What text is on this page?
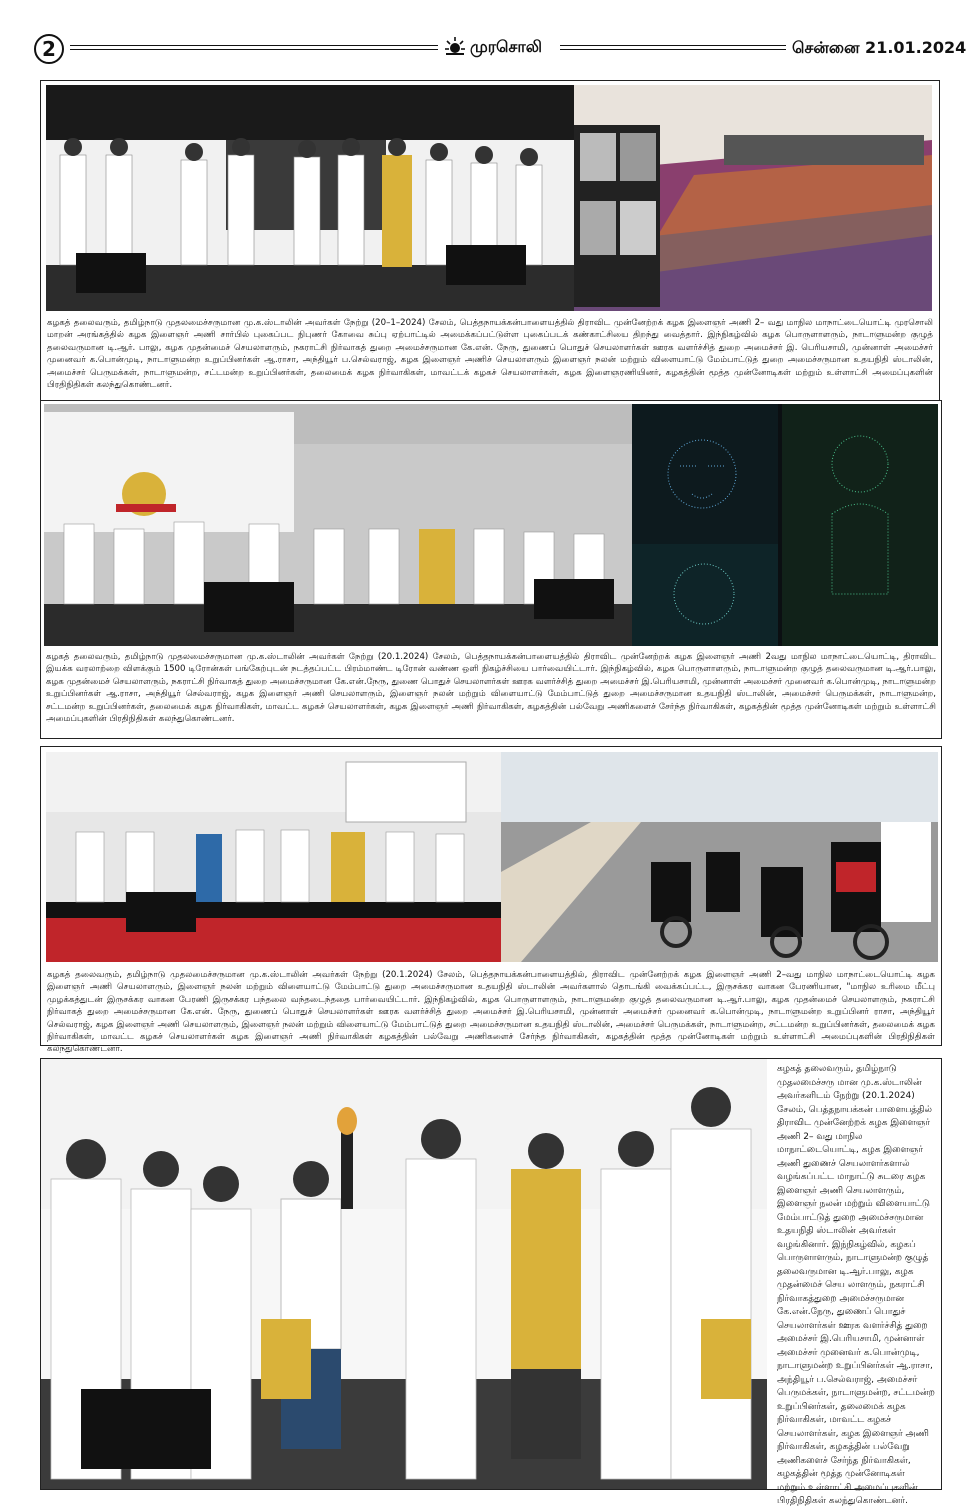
2	முரசொலி	சென்னை 21.01.2024
கழகத் தலைவரும், தமிழ்நாடு முதலமைச்சருமான மு.க.ஸ்டாலின் அவர்கள் நேற்று (20–1–2024) சேலம், பெத்தநாயக்கன்பாளையத்தில் திராவிட முன்னேற்றக் கழக இளைஞர் அணி 2– வது மாநில மாநாட்டையொட்டி முரசொலி மாறன் அரங்கத்தில் கழக இளைஞர் அணி சார்பில் புகைப்பட நிபுணர் கோவை சுப்பு ஏற்பாட்டில் அமைக்கப்பட்டுள்ள புகைப்படக் கண்காட்சியை திறந்து வைத்தார். இந்நிகழ்வில் கழக பொருளாளரும், நாடாளுமன்ற குழுத் தலைவருமான டி.ஆர். பாலு, கழக முதன்மைச் செயலாளரும், நகராட்சி நிர்வாகத் துறை அமைச்சருமான கே.என். நேரு, துணைப் பொதுச் செயலாளர்கள் ஊரக வளர்ச்சித் துறை அமைச்சர் இ. பெரியசாமி, முன்னாள் அமைச்சர் முனைவர் க.பொன்முடி, நாடாளுமன்ற உறுப்பினர்கள் ஆ.ராசா, அந்தியூர் ப.செல்வராஜ், கழக இளைஞர் அணிச் செயலாளரும் இளைஞர் நலன் மற்றும் விளையாட்டு மேம்பாட்டுத் துறை அமைச்சருமான உதயநிதி ஸ்டாலின், அமைச்சர் பெருமக்கள், நாடாளுமன்ற, சட்டமன்ற உறுப்பினர்கள், தலைமைக் கழக நிர்வாகிகள், மாவட்டக் கழகச் செயலாளர்கள், கழக இளைஞரணியினர், கழகத்தின் மூத்த முன்னோடிகள் மற்றும் உள்ளாட்சி அமைப்புகளின் பிரதிநிதிகள் கலந்துகொண்டனர்.
கழகத் தலைவரும், தமிழ்நாடு முதலமைச்சருமான மு.க.ஸ்டாலின் அவர்கள் நேற்று (20.1.2024) சேலம், பெத்தநாயக்கன்பாளையத்தில் திராவிட முன்னேற்றக் கழக இளைஞர் அணி 2வது மாநில மாநாட்டையொட்டி, திராவிட இயக்க வரலாற்றை விளக்கும் 1500 டிரோன்கள் பங்கேற்புடன் நடத்தப்பட்ட பிரம்மாண்ட டிரோன் வண்ண ஒளி நிகழ்ச்சியை பார்வையிட்டார். இந்நிகழ்வில், கழக பொருளாளரும், நாடாளுமன்ற குழுத் தலைவருமான டி.ஆர்.பாலு, கழக முதன்மைச் செயலாளரும், நகராட்சி நிர்வாகத் துறை அமைச்சருமான கே.என்.நேரு, துணை பொதுச் செயலாளர்கள் ஊரக வளர்ச்சித் துறை அமைச்சர் இ.பெரியசாமி, முன்னாள் அமைச்சர் முனைவர் க.பொன்முடி, நாடாளுமன்ற உறுப்பினர்கள் ஆ.ராசா, அந்தியூர் செல்வராஜ், கழக இளைஞர் அணி செயலாளரும், இளைஞர் நலன் மற்றும் விளையாட்டு மேம்பாட்டுத் துறை அமைச்சருமான உதயநிதி ஸ்டாலின், அமைச்சர் பெருமக்கள், நாடாளுமன்ற, சட்டமன்ற உறுப்பினர்கள், தலைமைக் கழக நிர்வாகிகள், மாவட்ட கழகச் செயலாளர்கள், கழக இளைஞர் அணி நிர்வாகிகள், கழகத்தின் பல்வேறு அணிகளைச் சேர்ந்த நிர்வாகிகள், கழகத்தின் மூத்த முன்னோடிகள் மற்றும் உள்ளாட்சி அமைப்புகளின் பிரதிநிதிகள் கலந்துகொண்டனர்.
கழகத் தலைவரும், தமிழ்நாடு முதலமைச்சருமான மு.க.ஸ்டாலின் அவர்கள் நேற்று (20.1.2024) சேலம், பெத்தநாயக்கன்பாளையத்தில், திராவிட முன்னேற்றக் கழக இளைஞர் அணி 2–வது மாநில மாநாட்டையொட்டி கழக இளைஞர் அணி செயலாளரும், இளைஞர் நலன் மற்றும் விளையாட்டு மேம்பாட்டு துறை அமைச்சருமான உதயநிதி ஸ்டாலின் அவர்களால் தொடங்கி வைக்கப்பட்ட, இருசக்கர வாகன பேரணியான, "மாநில உரிமை மீட்பு முழக்கத்துடன் இருசக்கர வாகன பேரணி இருசக்கர பந்தலை வந்தடைந்ததை பார்வையிட்டார். இந்நிகழ்வில், கழக பொருளாளரும், நாடாளுமன்ற குழுத் தலைவருமான டி.ஆர்.பாலு, கழக முதன்மைச் செயலாளரும், நகராட்சி நிர்வாகத் துறை அமைச்சருமான கே.என். நேரு, துணைப் பொதுச் செயலாளர்கள் ஊரக வளர்ச்சித் துறை அமைச்சர் இ.பெரியசாமி, முன்னாள் அமைச்சர் முனைவர் க.பொன்முடி, நாடாளுமன்ற உறுப்பினர் ராசா, அந்தியூர் செல்வராஜ், கழக இளைஞர் அணி செயலாளரும், இளைஞர் நலன் மற்றும் விளையாட்டு மேம்பாட்டுத் துறை அமைச்சருமான உதயநிதி ஸ்டாலின், அமைச்சர் பெருமக்கள், நாடாளுமன்ற, சட்டமன்ற உறுப்பினர்கள், தலைமைக் கழக நிர்வாகிகள், மாவட்ட கழகச் செயலாளர்கள் கழக இளைஞர் அணி நிர்வாகிகள் கழகத்தின் பல்வேறு அணிகளைச் சேர்ந்த நிர்வாகிகள், கழகத்தின் மூத்த முன்னோடிகள் மற்றும் உள்ளாட்சி அமைப்புகளின் பிரதிநிதிகள் கலந்துகொண்டனர்.
கழகத் தலைவரும், தமிழ்நாடு முதலமைச்சரு மான மு.க.ஸ்டாலின் அவர்களிடம் நேற்று (20.1.2024) சேலம், பெத்தநாயக்கன் பாளையத்தில் திராவிட முன்னேற்றக் கழக இளைஞர் அணி 2– வது மாநில மாநாட்டையொட்டி, கழக இளைஞர் அணி துணைச் செயலாளர்களால் வழங்கப்பட்ட மாநாட்டு சுடரை கழக இளைஞர் அணி செயலாளரும், இளைஞர் நலன் மற்றும் விளையாட்டு மேம்பாட்டுத் துறை அமைச்சருமான உதயநிதி ஸ்டாலின் அவர்கள் வழங்கினார். இந்நிகழ்வில், கழகப் பொருளாளரும், நாடாளுமன்ற குழுத் தலைவருமான டி.ஆர்.பாலு, கழக முதன்மைச் செய லாளரும், நகராட்சி நிர்வாகத்துறை அமைச்சருமான கே.என்.நேரு, துணைப் பொதுச் செயலாளர்கள் ஊரக வளர்ச்சித் துறை அமைச்சர் இ.பெரியசாமி, முன்னாள் அமைச்சர் முனைவர் க.பொன்முடி, நாடாளுமன்ற உறுப்பினர்கள் ஆ.ராசா, அந்தியூர் ப.செல்வராஜ், அமைச்சர் பெருமக்கள், நாடாளுமன்ற, சட்டமன்ற உறுப்பினர்கள், தலைமைக் கழக நிர்வாகிகள், மாவட்ட கழகச் செயலாளர்கள், கழக இளைஞர் அணி நிர்வாகிகள், கழகத்தின் பல்வேறு அணிகளைச் சேர்ந்த நிர்வாகிகள், கழகத்தின் மூத்த முன்னோடிகள் மற்றும் உள்ளாட்சி அமைப்புகளின் பிரதிநிதிகள் கலந்துகொண்டனர்.
